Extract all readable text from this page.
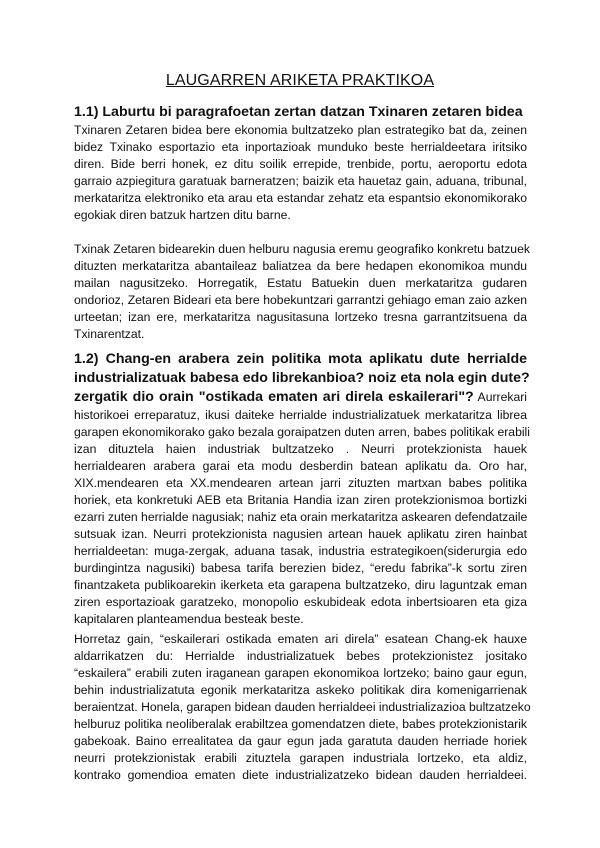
LAUGARREN ARIKETA PRAKTIKOA
1.1) Laburtu bi paragrafoetan zertan datzan Txinaren zetaren bidea
Txinaren Zetaren bidea bere ekonomia bultzatzeko plan estrategiko bat da, zeinen
bidez Txinako esportazio eta inportazioak munduko beste herrialdeetara iritsiko
diren. Bide berri honek, ez ditu soilik errepide, trenbide, portu, aeroportu edota
garraio azpiegitura garatuak barneratzen; baizik eta hauetaz gain, aduana, tribunal,
merkataritza elektroniko eta arau eta estandar zehatz eta espantsio ekonomikorako
egokiak diren batzuk hartzen ditu barne.
Txinak Zetaren bidearekin duen helburu nagusia eremu geografiko konkretu batzuek
dituzten merkataritza abantaileaz baliatzea da bere hedapen ekonomikoa mundu
mailan nagusitzeko. Horregatik, Estatu Batuekin duen merkataritza gudaren
ondorioz, Zetaren Bideari eta bere hobekuntzari garrantzi gehiago eman zaio azken
urteetan; izan ere, merkataritza nagusitasuna lortzeko tresna garrantzitsuena da
Txinarentzat.
1.2) Chang-en arabera zein politika mota aplikatu dute herrialde
industrializatuak babesa edo librekanbioa? noiz eta nola egin dute?
zergatik dio orain "ostikada ematen ari direla eskailerari"? Aurrekari
historikoei erreparatuz, ikusi daiteke herrialde industrializatuek merkataritza librea
garapen ekonomikorako gako bezala goraipatzen duten arren, babes politikak erabili
izan dituztela haien industriak bultzatzeko . Neurri protekzionista hauek
herrialdearen arabera garai eta modu desberdin batean aplikatu da. Oro har,
XIX.mendearen eta XX.mendearen artean jarri zituzten martxan babes politika
horiek, eta konkretuki AEB eta Britania Handia izan ziren protekzionismoa bortizki
ezarri zuten herrialde nagusiak; nahiz eta orain merkataritza askearen defendatzaile
sutsuak izan. Neurri protekzionista nagusien artean hauek aplikatu ziren hainbat
herrialdeetan: muga-zergak, aduana tasak, industria estrategikoen(siderurgia edo
burdingintza nagusiki) babesa tarifa berezien bidez, “eredu fabrika”-k sortu ziren
finantzaketa publikoarekin ikerketa eta garapena bultzatzeko, diru laguntzak eman
ziren esportazioak garatzeko, monopolio eskubideak edota inbertsioaren eta giza
kapitalaren planteamendua besteak beste.
Horretaz gain, “eskailerari ostikada ematen ari direla” esatean Chang-ek hauxe
aldarrikatzen du: Herrialde industrializatuek bebes protekzionistez jositako
“eskailera” erabili zuten iraganean garapen ekonomikoa lortzeko; baino gaur egun,
behin industrializatuta egonik merkataritza askeko politikak dira komenigarrienak
beraientzat. Honela, garapen bidean dauden herrialdeei industrializazioa bultzatzeko
helburuz politika neoliberalak erabiltzea gomendatzen diete, babes protekzionistarik
gabekoak. Baino errealitatea da gaur egun jada garatuta dauden herriade horiek
neurri protekzionistak erabili zituztela garapen industriala lortzeko, eta aldiz,
kontrako gomendioa ematen diete industrializatzeko bidean dauden herrialdeei.
